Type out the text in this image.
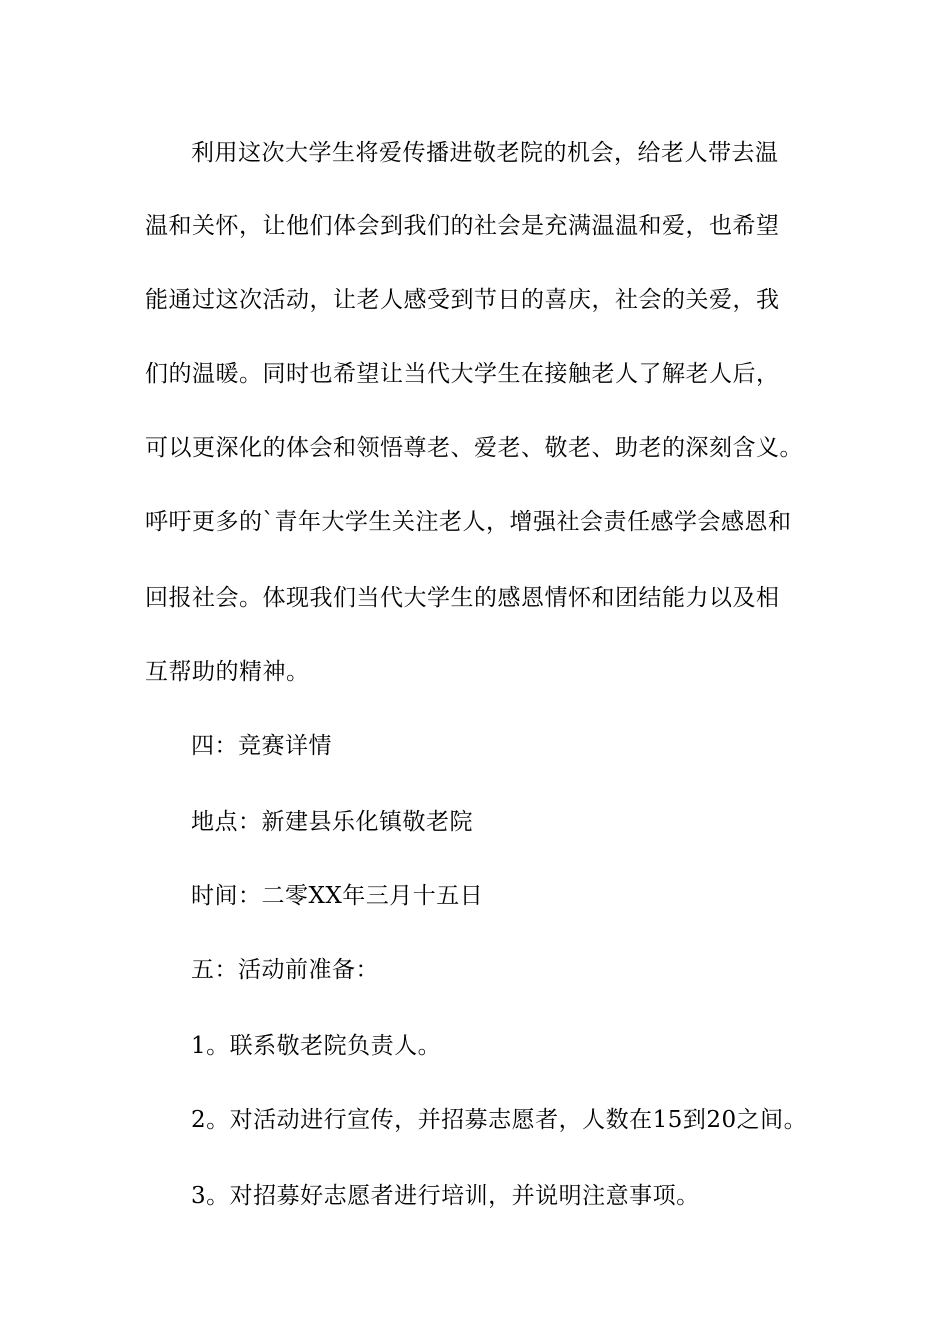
利用这次大学生将爱传播进敬老院的机会，给老人带去温
温和关怀，让他们体会到我们的社会是充满温温和爱，也希望
能通过这次活动，让老人感受到节日的喜庆，社会的关爱，我
们的温暖。同时也希望让当代大学生在接触老人了解老人后，
可以更深化的体会和领悟尊老、爱老、敬老、助老的深刻含义。
呼吁更多的`青年大学生关注老人，增强社会责任感学会感恩和
回报社会。体现我们当代大学生的感恩情怀和团结能力以及相
互帮助的精神。
四：竞赛详情
地点：新建县乐化镇敬老院
时间：二零XX年三月十五日
五：活动前准备：
1。联系敬老院负责人。
2。对活动进行宣传，并招募志愿者，人数在15到20之间。
3。对招募好志愿者进行培训，并说明注意事项。
